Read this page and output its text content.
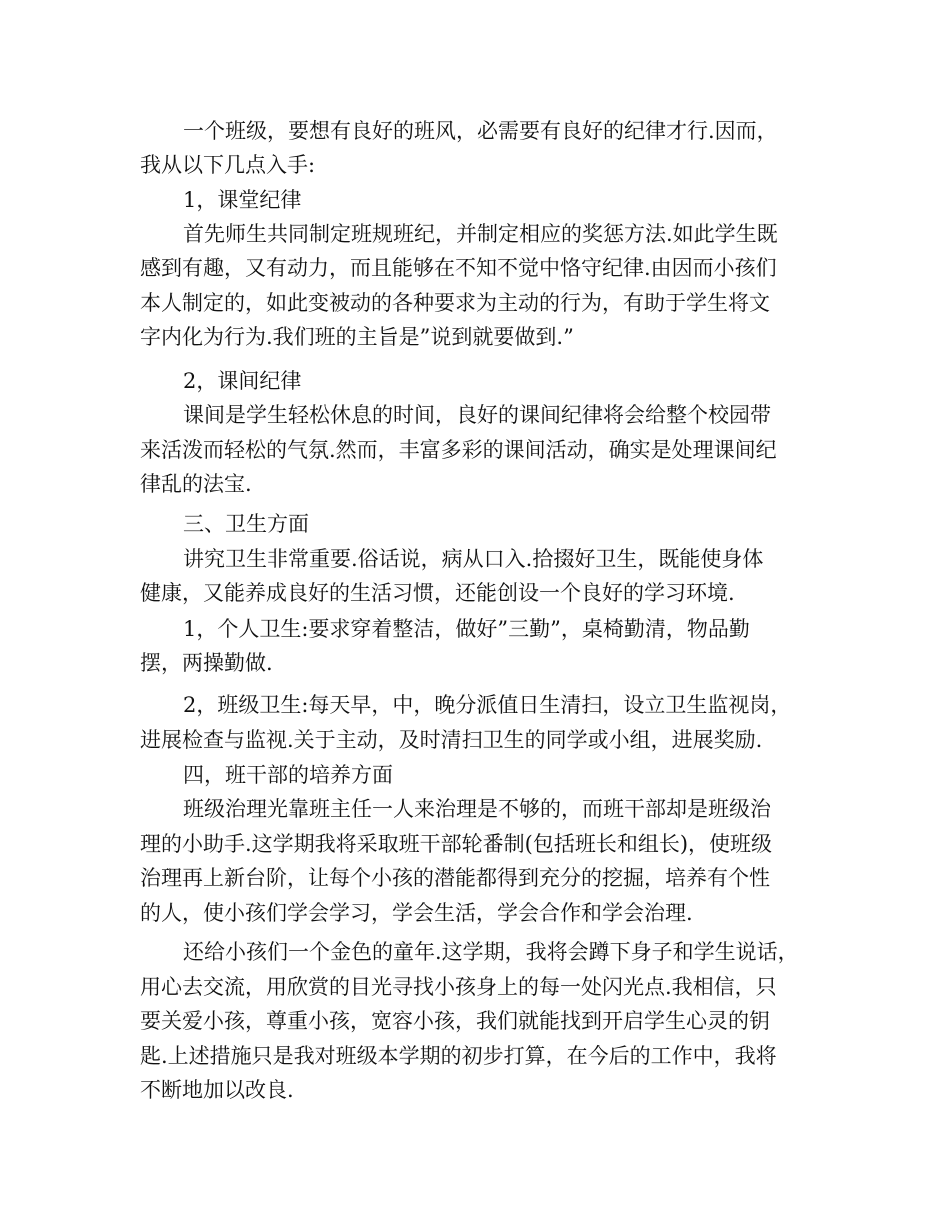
一个班级，要想有良好的班风，必需要有良好的纪律才行.因而，
我从以下几点入手:
1，课堂纪律
首先师生共同制定班规班纪，并制定相应的奖惩方法.如此学生既
感到有趣，又有动力，而且能够在不知不觉中恪守纪律.由因而小孩们
本人制定的，如此变被动的各种要求为主动的行为，有助于学生将文
字内化为行为.我们班的主旨是”说到就要做到.”
2，课间纪律
课间是学生轻松休息的时间，良好的课间纪律将会给整个校园带
来活泼而轻松的气氛.然而，丰富多彩的课间活动，确实是处理课间纪
律乱的法宝.
三、卫生方面
讲究卫生非常重要.俗话说，病从口入.拾掇好卫生，既能使身体
健康，又能养成良好的生活习惯，还能创设一个良好的学习环境.
1，个人卫生:要求穿着整洁，做好”三勤”，桌椅勤清，物品勤
摆，两操勤做.
2，班级卫生:每天早，中，晚分派值日生清扫，设立卫生监视岗，
进展检查与监视.关于主动，及时清扫卫生的同学或小组，进展奖励.
四，班干部的培养方面
班级治理光靠班主任一人来治理是不够的，而班干部却是班级治
理的小助手.这学期我将采取班干部轮番制(包括班长和组长)，使班级
治理再上新台阶，让每个小孩的潜能都得到充分的挖掘，培养有个性
的人，使小孩们学会学习，学会生活，学会合作和学会治理.
还给小孩们一个金色的童年.这学期，我将会蹲下身子和学生说话，
用心去交流，用欣赏的目光寻找小孩身上的每一处闪光点.我相信，只
要关爱小孩，尊重小孩，宽容小孩，我们就能找到开启学生心灵的钥
匙.上述措施只是我对班级本学期的初步打算，在今后的工作中，我将
不断地加以改良.
